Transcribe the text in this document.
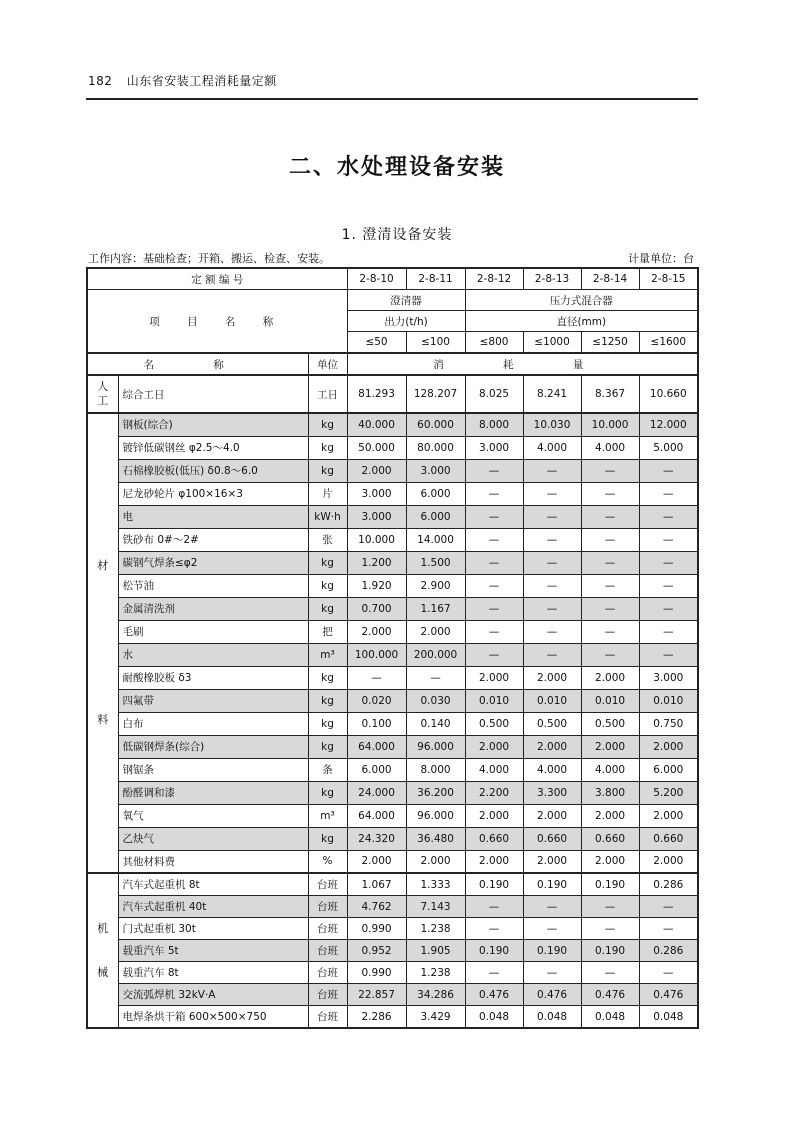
182 山东省安装工程消耗量定额
二、水处理设备安装
1. 澄清设备安装
工作内容：基础检查；开箱、搬运、检查、安装。	计量单位：台
定 额 编 号			2-8-10	2-8-11	2-8-12	2-8-13	2-8-14	2-8-15
项 目 名 称			澄清器		压力式混合器			
			出力(t/h)		直径(mm)			
			≤50	≤100	≤800	≤1000	≤1250	≤1600
名 称		单位	消 耗 量					

人
工	综合工日	工日	81.293	128.207	8.025	8.241	8.367	10.660

材
料	钢板(综合)	kg	40.000	60.000	8.000	10.030	10.000	12.000
	镀锌低碳钢丝 φ2.5～4.0	kg	50.000	80.000	3.000	4.000	4.000	5.000
	石棉橡胶板(低压) δ0.8～6.0	kg	2.000	3.000	—	—	—	—
	尼龙砂轮片 φ100×16×3	片	3.000	6.000	—	—	—	—
	电	kW·h	3.000	6.000	—	—	—	—
	铁砂布 0#～2#	张	10.000	14.000	—	—	—	—
	碳钢气焊条≤φ2	kg	1.200	1.500	—	—	—	—
	松节油	kg	1.920	2.900	—	—	—	—
	金属清洗剂	kg	0.700	1.167	—	—	—	—
	毛刷	把	2.000	2.000	—	—	—	—
	水	m³	100.000	200.000	—	—	—	—
	耐酸橡胶板 δ3	kg	—	—	2.000	2.000	2.000	3.000
	四氟带	kg	0.020	0.030	0.010	0.010	0.010	0.010
	白布	kg	0.100	0.140	0.500	0.500	0.500	0.750
	低碳钢焊条(综合)	kg	64.000	96.000	2.000	2.000	2.000	2.000
	钢锯条	条	6.000	8.000	4.000	4.000	4.000	6.000
	酚醛调和漆	kg	24.000	36.200	2.200	3.300	3.800	5.200
	氧气	m³	64.000	96.000	2.000	2.000	2.000	2.000
	乙炔气	kg	24.320	36.480	0.660	0.660	0.660	0.660
	其他材料费	%	2.000	2.000	2.000	2.000	2.000	2.000

机
械	汽车式起重机 8t	台班	1.067	1.333	0.190	0.190	0.190	0.286
	汽车式起重机 40t	台班	4.762	7.143	—	—	—	—
	门式起重机 30t	台班	0.990	1.238	—	—	—	—
	载重汽车 5t	台班	0.952	1.905	0.190	0.190	0.190	0.286
	载重汽车 8t	台班	0.990	1.238	—	—	—	—
	交流弧焊机 32kV·A	台班	22.857	34.286	0.476	0.476	0.476	0.476
	电焊条烘干箱 600×500×750	台班	2.286	3.429	0.048	0.048	0.048	0.048
